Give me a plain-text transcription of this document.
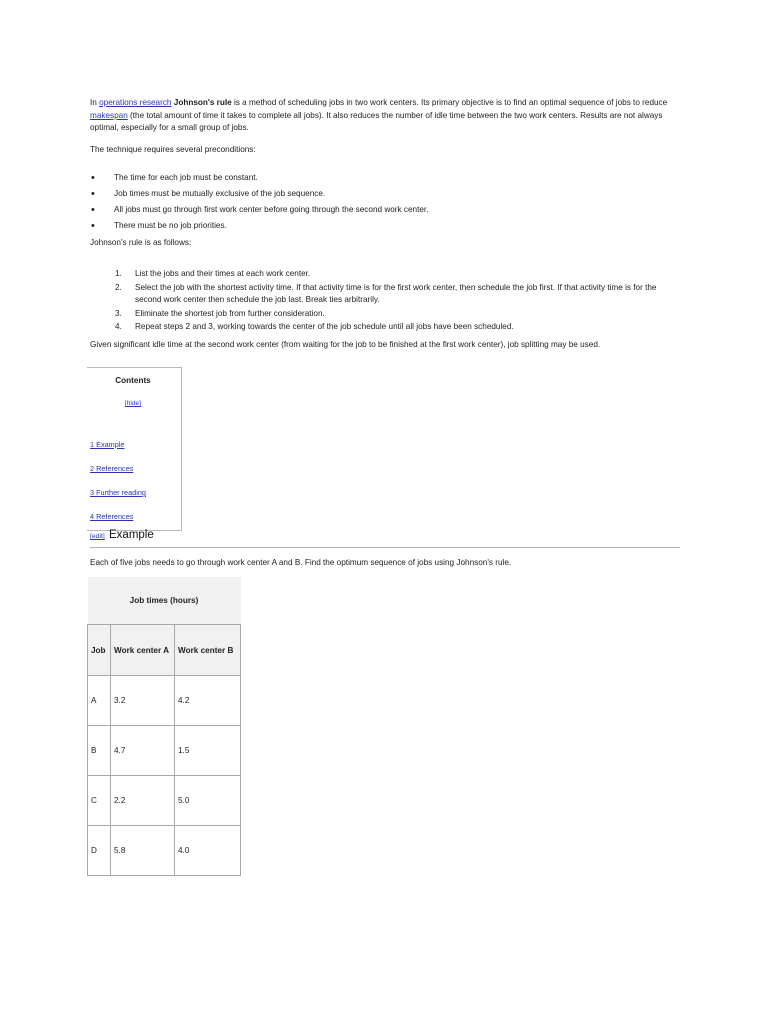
In operations research Johnson's rule is a method of scheduling jobs in two work centers. Its primary objective is to find an optimal sequence of jobs to reduce makespan (the total amount of time it takes to complete all jobs). It also reduces the number of idle time between the two work centers. Results are not always optimal, especially for a small group of jobs.

The technique requires several preconditions:

• The time for each job must be constant.
• Job times must be mutually exclusive of the job sequence.
• All jobs must go through first work center before going through the second work center.
• There must be no job priorities.

Johnson's rule is as follows:

1. List the jobs and their times at each work center.
2. Select the job with the shortest activity time. If that activity time is for the first work center, then schedule the job first. If that activity time is for the second work center then schedule the job last. Break ties arbitrarily.
3. Eliminate the shortest job from further consideration.
4. Repeat steps 2 and 3, working towards the center of the job schedule until all jobs have been scheduled.

Given significant idle time at the second work center (from waiting for the job to be finished at the first work center), job splitting may be used.

Contents
[hide]
1 Example
2 References
3 Further reading
4 References
[edit] Example
Each of five jobs needs to go through work center A and B. Find the optimum sequence of jobs using Johnson's rule.
Job times (hours)		
Job	Work center A	Work center B
A	3.2	4.2
B	4.7	1.5
C	2.2	5.0
D	5.8	4.0
